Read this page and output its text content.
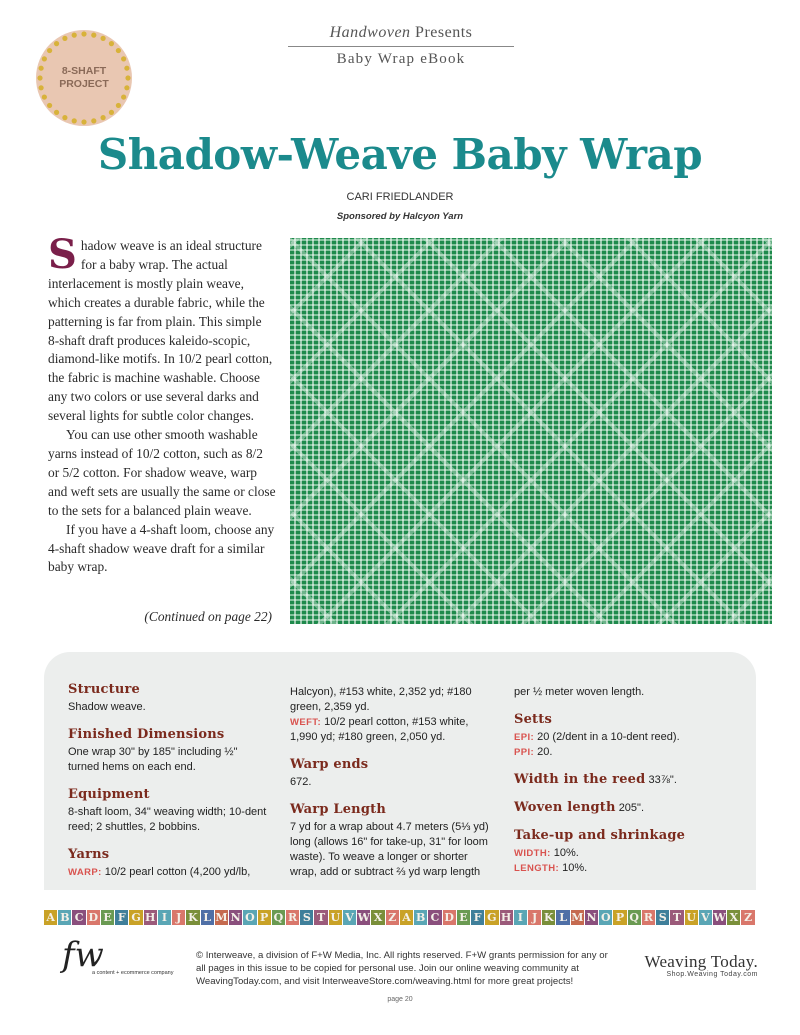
8-SHAFT
PROJECT
Handwoven Presents
Baby Wrap eBook
Shadow-Weave Baby Wrap
CARI FRIEDLANDER
Sponsored by Halcyon Yarn

Shadow weave is an ideal structure for a baby wrap. The actual interlacement is mostly plain weave, which creates a durable fabric, while the patterning is far from plain. This simple 8-shaft draft produces kaleido-scopic, diamond-like motifs. In 10/2 pearl cotton, the fabric is machine washable. Choose any two colors or use several darks and several lights for subtle color changes.

You can use other smooth washable yarns instead of 10/2 cotton, such as 8/2 or 5/2 cotton. For shadow weave, warp and weft sets are usually the same or close to the sets for a balanced plain weave.

If you have a 4-shaft loom, choose any 4-shaft shadow weave draft for a similar baby wrap.

(Continued on page 22)
Structure
Shadow weave.
Finished Dimensions
One wrap 30" by 185" including ½" turned hems on each end.
Equipment
8-shaft loom, 34" weaving width; 10-dent reed; 2 shuttles, 2 bobbins.
Yarns
WARP: 10/2 pearl cotton (4,200 yd/lb,
Halcyon), #153 white, 2,352 yd; #180 green, 2,359 yd.
WEFT: 10/2 pearl cotton, #153 white, 1,990 yd; #180 green, 2,050 yd.
Warp ends
672.
Warp Length
7 yd for a wrap about 4.7 meters (5⅓ yd) long (allows 16" for take-up, 31" for loom waste). To weave a longer or shorter wrap, add or subtract ⅔ yd warp length
per ½ meter woven length.
Setts
EPI: 20 (2/dent in a 10-dent reed).
PPI: 20.
Width in the reed 33⅞".
Woven length 205".
Take-up and shrinkage
WIDTH: 10%.
LENGTH: 10%.
A B C D E F G H I J K L M N O P Q R S T U V W X Z A B C D E F G H I J K L M N O P Q R S T U V W X Z
fw
a content + ecommerce company
© Interweave, a division of F+W Media, Inc. All rights reserved. F+W grants permission for any or all pages in this issue to be copied for personal use. Join our online weaving community at WeavingToday.com, and visit InterweaveStore.com/weaving.html for more great projects!
Weaving Today.
Shop.Weaving Today.com
page 20
